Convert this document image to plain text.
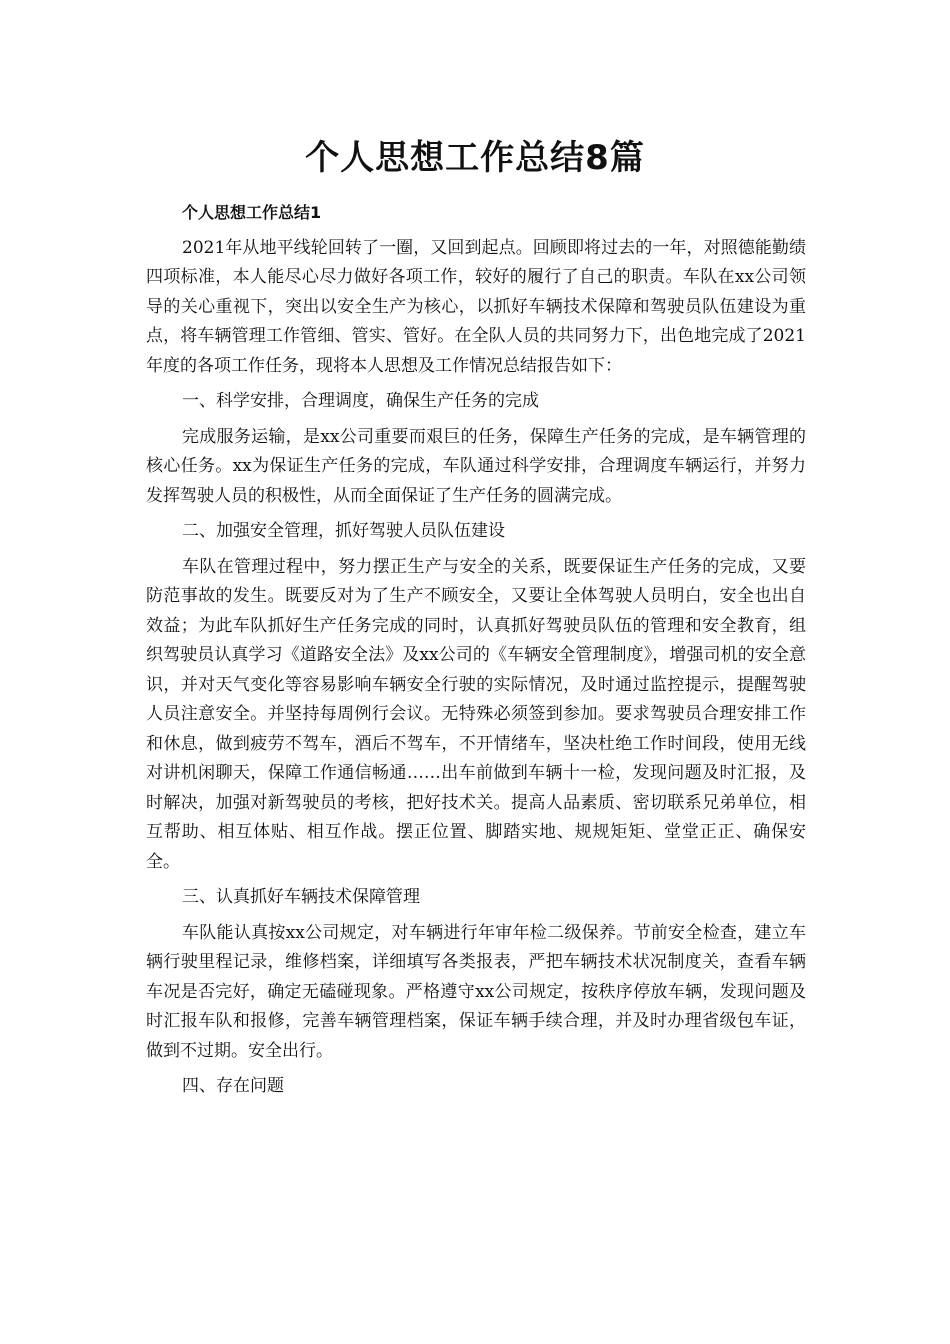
个人思想工作总结8篇

个人思想工作总结1

2021年从地平线轮回转了一圈，又回到起点。回顾即将过去的一年，对照德能勤绩四项标准，本人能尽心尽力做好各项工作，较好的履行了自己的职责。车队在xx公司领导的关心重视下，突出以安全生产为核心，以抓好车辆技术保障和驾驶员队伍建设为重点，将车辆管理工作管细、管实、管好。在全队人员的共同努力下，出色地完成了2021年度的各项工作任务，现将本人思想及工作情况总结报告如下：

一、科学安排，合理调度，确保生产任务的完成

完成服务运输，是xx公司重要而艰巨的任务，保障生产任务的完成，是车辆管理的核心任务。xx为保证生产任务的完成，车队通过科学安排，合理调度车辆运行，并努力发挥驾驶人员的积极性，从而全面保证了生产任务的圆满完成。

二、加强安全管理，抓好驾驶人员队伍建设

车队在管理过程中，努力摆正生产与安全的关系，既要保证生产任务的完成，又要防范事故的发生。既要反对为了生产不顾安全，又要让全体驾驶人员明白，安全也出自效益；为此车队抓好生产任务完成的同时，认真抓好驾驶员队伍的管理和安全教育，组织驾驶员认真学习《道路安全法》及xx公司的《车辆安全管理制度》，增强司机的安全意识，并对天气变化等容易影响车辆安全行驶的实际情况，及时通过监控提示，提醒驾驶人员注意安全。并坚持每周例行会议。无特殊必须签到参加。要求驾驶员合理安排工作和休息，做到疲劳不驾车，酒后不驾车，不开情绪车，坚决杜绝工作时间段，使用无线对讲机闲聊天，保障工作通信畅通……出车前做到车辆十一检，发现问题及时汇报，及时解决，加强对新驾驶员的考核，把好技术关。提高人品素质、密切联系兄弟单位，相互帮助、相互体贴、相互作战。摆正位置、脚踏实地、规规矩矩、堂堂正正、确保安全。

三、认真抓好车辆技术保障管理

车队能认真按xx公司规定，对车辆进行年审年检二级保养。节前安全检查，建立车辆行驶里程记录，维修档案，详细填写各类报表，严把车辆技术状况制度关，查看车辆车况是否完好，确定无磕碰现象。严格遵守xx公司规定，按秩序停放车辆，发现问题及时汇报车队和报修，完善车辆管理档案，保证车辆手续合理，并及时办理省级包车证，做到不过期。安全出行。

四、存在问题
